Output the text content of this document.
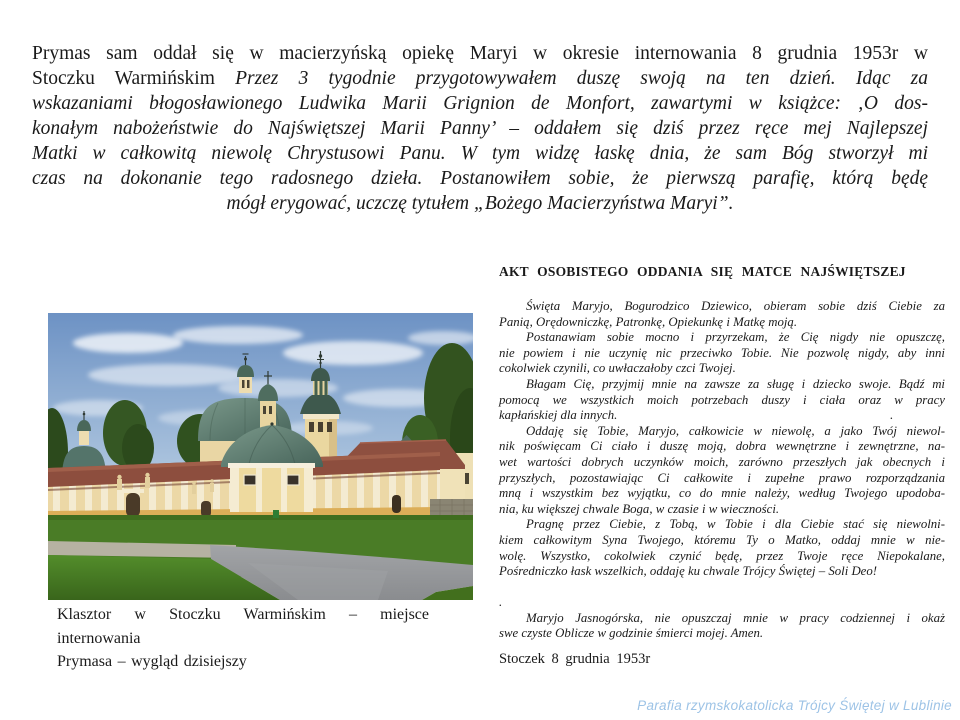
Prymas sam oddał się w macierzyńską opiekę Maryi w okresie internowania 8 grudnia 1953r w
Stoczku Warmińskim Przez 3 tygodnie przygotowywałem duszę swoją na ten dzień. Idąc za
wskazaniami błogosławionego Ludwika Marii Grignion de Monfort, zawartymi w książce: ‚O dos-
konałym nabożeństwie do Najświętszej Marii Panny’ – oddałem się dziś przez ręce mej Najlepszej
Matki w całkowitą niewolę Chrystusowi Panu. W tym widzę łaskę dnia, że sam Bóg stworzył mi
czas na dokonanie tego radosnego dzieła. Postanowiłem sobie, że pierwszą parafię, którą będę
mógł erygować, uczczę tytułem „Bożego Macierzyństwa Maryi”.
Klasztor w Stoczku Warmińskim – miejsce internowania
Prymasa – wygląd dzisiejszy
AKT OSOBISTEGO ODDANIA SIĘ MATCE NAJŚWIĘTSZEJ
Święta Maryjo, Bogurodzico Dziewico, obieram sobie dziś Ciebie za
Panią, Orędowniczkę, Patronkę, Opiekunkę i Matkę moją.
Postanawiam sobie mocno i przyrzekam, że Cię nigdy nie opuszczę,
nie powiem i nie uczynię nic przeciwko Tobie. Nie pozwolę nigdy, aby inni
cokolwiek czynili, co uwłaczałoby czci Twojej.
Błagam Cię, przyjmij mnie na zawsze za sługę i dziecko swoje. Bądź mi
pomocą we wszystkich moich potrzebach duszy i ciała oraz w pracy
.
kapłańskiej dla innych.
Oddaję się Tobie, Maryjo, całkowicie w niewolę, a jako Twój niewol-
nik poświęcam Ci ciało i duszę moją, dobra wewnętrzne i zewnętrzne, na-
wet wartości dobrych uczynków moich, zarówno przeszłych jak obecnych i
przyszłych, pozostawiając Ci całkowite i zupełne prawo rozporządzania
mną i wszystkim bez wyjątku, co do mnie należy, według Twojego upodoba-
nia, ku większej chwale Boga, w czasie i w wieczności.
Pragnę przez Ciebie, z Tobą, w Tobie i dla Ciebie stać się niewolni-
kiem całkowitym Syna Twojego, któremu Ty o Matko, oddaj mnie w nie-
wolę. Wszystko, cokolwiek czynić będę, przez Twoje ręce Niepokalane,
Pośredniczko łask wszelkich, oddaję ku chwale Trójcy Świętej – Soli Deo!

.
Maryjo Jasnogórska, nie opuszczaj mnie w pracy codziennej i okaż
swe czyste Oblicze w godzinie śmierci mojej. Amen.
Stoczek 8 grudnia 1953r
Parafia rzymskokatolicka Trójcy Świętej w Lublinie
